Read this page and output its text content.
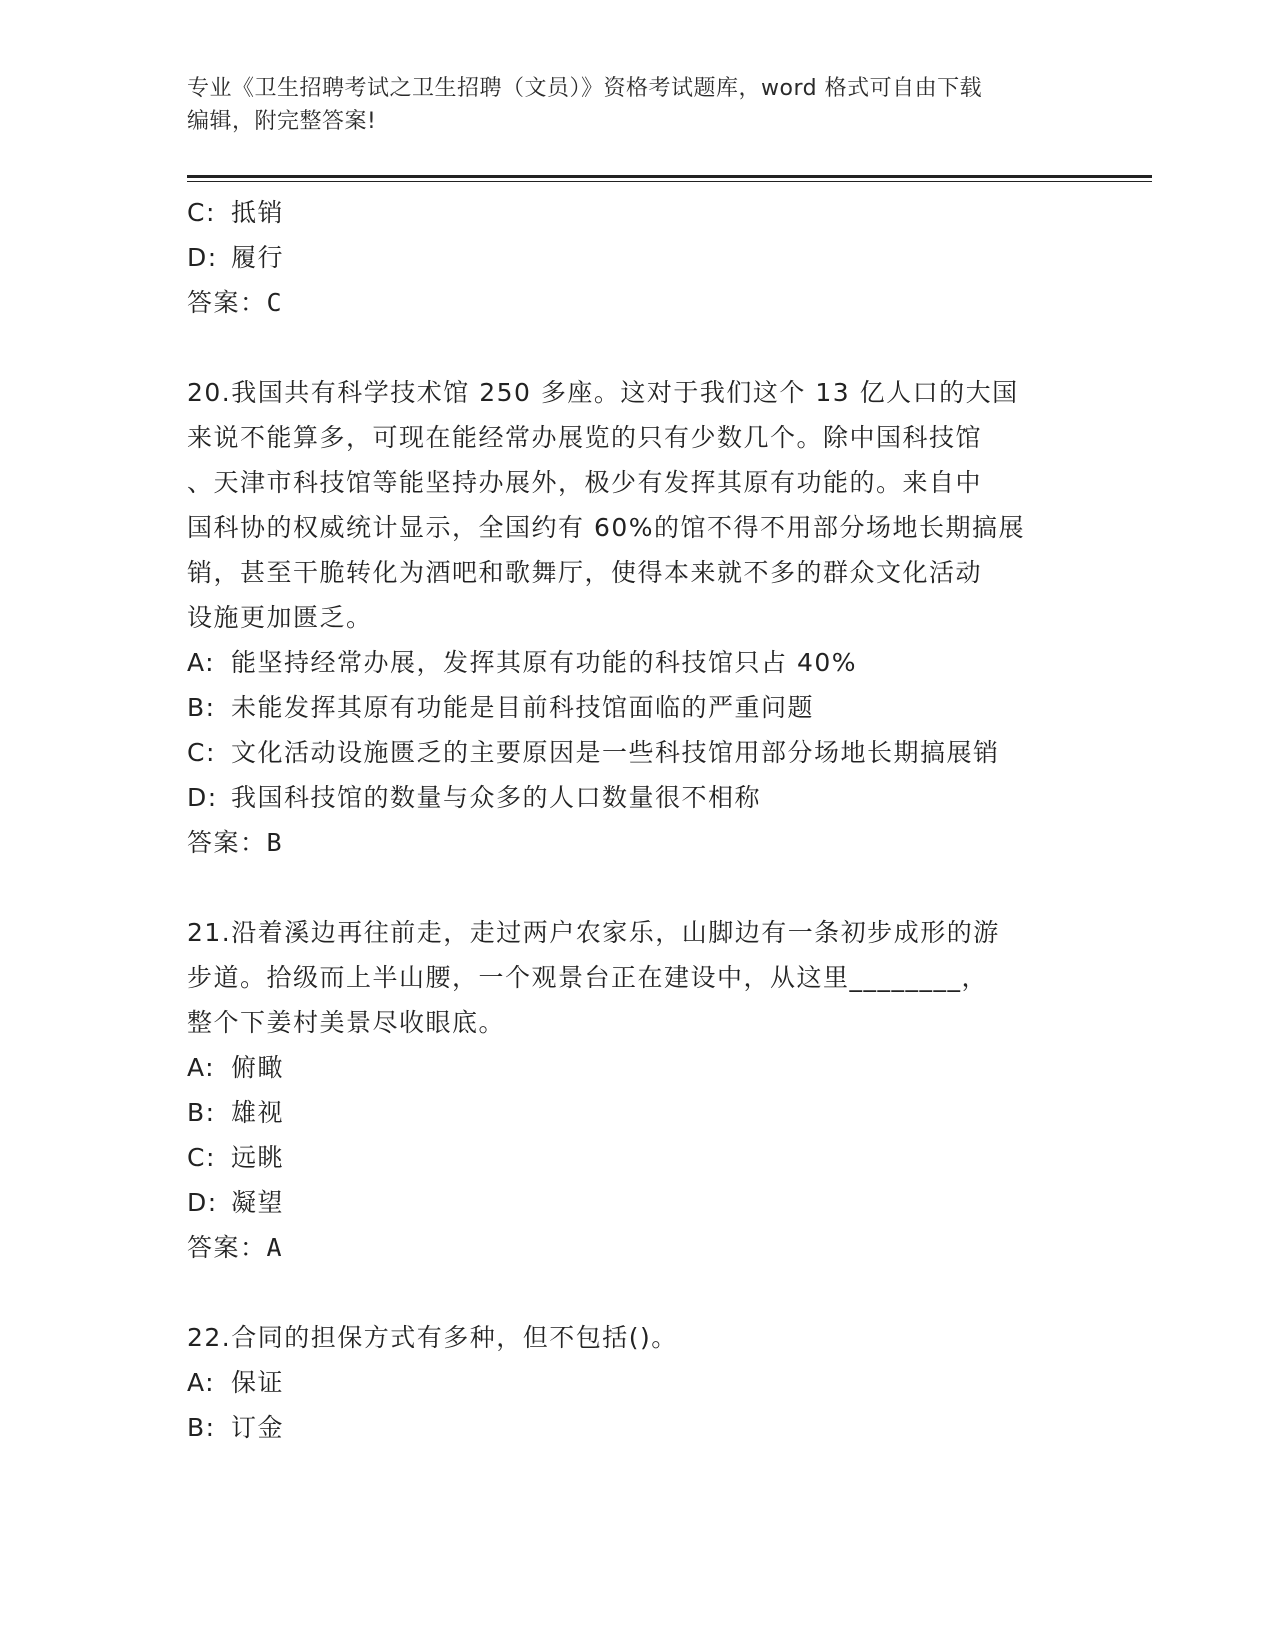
专业《卫生招聘考试之卫生招聘（文员）》资格考试题库，word 格式可自由下载
编辑，附完整答案!
C: 抵销
D: 履行
答案：C
20.我国共有科学技术馆 250 多座。这对于我们这个 13 亿人口的大国
来说不能算多，可现在能经常办展览的只有少数几个。除中国科技馆
、天津市科技馆等能坚持办展外，极少有发挥其原有功能的。来自中
国科协的权威统计显示，全国约有 60%的馆不得不用部分场地长期搞展
销，甚至干脆转化为酒吧和歌舞厅，使得本来就不多的群众文化活动
设施更加匮乏。
A: 能坚持经常办展，发挥其原有功能的科技馆只占 40%
B: 未能发挥其原有功能是目前科技馆面临的严重问题
C: 文化活动设施匮乏的主要原因是一些科技馆用部分场地长期搞展销
D: 我国科技馆的数量与众多的人口数量很不相称
答案：B
21.沿着溪边再往前走，走过两户农家乐，山脚边有一条初步成形的游
步道。拾级而上半山腰，一个观景台正在建设中，从这里________，
整个下姜村美景尽收眼底。
A: 俯瞰
B: 雄视
C: 远眺
D: 凝望
答案：A
22.合同的担保方式有多种，但不包括()。
A: 保证
B: 订金
